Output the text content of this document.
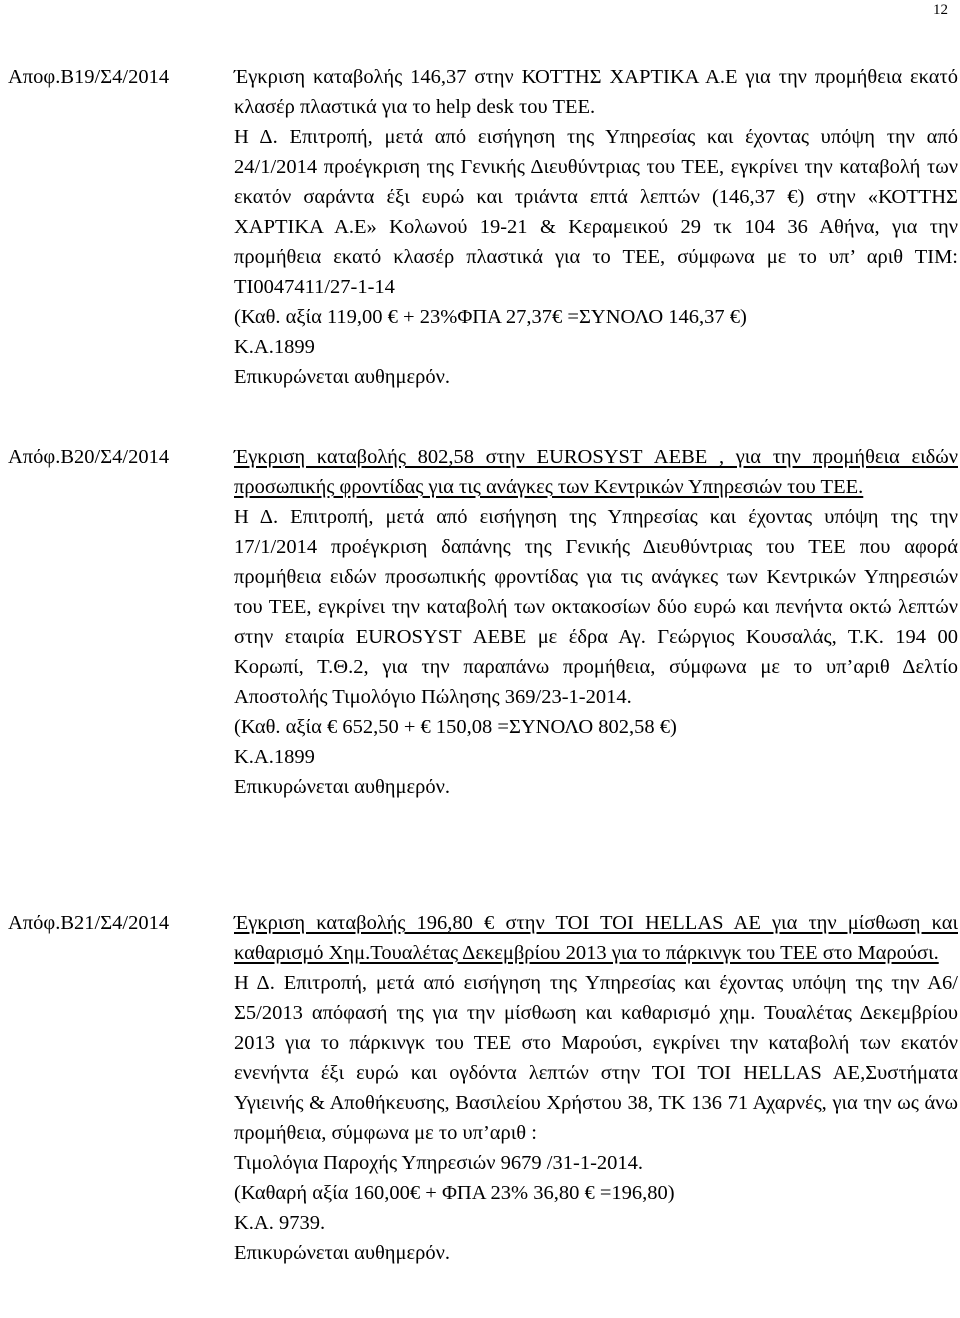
12
Αποφ.Β19/Σ4/2014	Έγκριση καταβολής 146,37 στην ΚΟΤΤΗΣ ΧΑΡΤΙΚΑ Α.Ε για την προμήθεια εκατό κλασέρ πλαστικά για το help desk του ΤΕΕ.

Η Δ. Επιτροπή, μετά από εισήγηση της Υπηρεσίας και έχοντας υπόψη την από 24/1/2014 προέγκριση της Γενικής Διευθύντριας του ΤΕΕ, εγκρίνει την καταβολή των εκατόν σαράντα έξι ευρώ και τριάντα επτά λεπτών (146,37 €) στην «ΚΟΤΤΗΣ ΧΑΡΤΙΚΑ Α.Ε» Κολωνού 19-21 & Κεραμεικού 29 τκ 104 36 Αθήνα, για την προμήθεια εκατό κλασέρ πλαστικά για το ΤΕΕ, σύμφωνα με το υπ’ αριθ ΤΙΜ: ΤΙ0047411/27-1-14

(Καθ. αξία 119,00 € + 23%ΦΠΑ 27,37€ =ΣΥΝΟΛΟ 146,37 €)

Κ.Α.1899

Επικυρώνεται αυθημερόν.

Απόφ.Β20/Σ4/2014	Έγκριση καταβολής 802,58 στην EUROSYST ΑΕΒΕ , για την προμήθεια ειδών προσωπικής φροντίδας για τις ανάγκες των Κεντρικών Υπηρεσιών του ΤΕΕ.

Η Δ. Επιτροπή, μετά από εισήγηση της Υπηρεσίας και έχοντας υπόψη της την 17/1/2014 προέγκριση δαπάνης της Γενικής Διευθύντριας του ΤΕΕ που αφορά προμήθεια ειδών προσωπικής φροντίδας για τις ανάγκες των Κεντρικών Υπηρεσιών του ΤΕΕ, εγκρίνει την καταβολή των οκτακοσίων δύο ευρώ και πενήντα οκτώ λεπτών στην εταιρία EUROSYST ΑΕΒΕ με έδρα Αγ. Γεώργιος Κουσαλάς, Τ.Κ. 194 00 Κορωπί, Τ.Θ.2, για την παραπάνω προμήθεια, σύμφωνα με το υπ’αριθ Δελτίο Αποστολής Τιμολόγιο Πώλησης 369/23-1-2014.

(Καθ. αξία € 652,50 + € 150,08 =ΣΥΝΟΛΟ 802,58 €)

Κ.Α.1899

Επικυρώνεται αυθημερόν.

Απόφ.Β21/Σ4/2014	Έγκριση καταβολής 196,80 € στην ΤΟΙ ΤΟΙ HELLAS AE για την μίσθωση και καθαρισμό Χημ.Τουαλέτας Δεκεμβρίου 2013 για το πάρκινγκ του ΤΕΕ στο Μαρούσι.

Η Δ. Επιτροπή, μετά από εισήγηση της Υπηρεσίας και έχοντας υπόψη της την Α6/Σ5/2013 απόφασή της για την μίσθωση και καθαρισμό χημ. Τουαλέτας Δεκεμβρίου 2013 για το πάρκινγκ του ΤΕΕ στο Μαρούσι, εγκρίνει την καταβολή των εκατόν ενενήντα έξι ευρώ και ογδόντα λεπτών στην ΤΟΙ ΤΟΙ HELLAS AE,Συστήματα Υγιεινής & Αποθήκευσης, Βασιλείου Χρήστου 38, ΤΚ 136 71 Αχαρνές, για την ως άνω προμήθεια, σύμφωνα με το υπ’αριθ :

Τιμολόγια Παροχής Υπηρεσιών 9679 /31-1-2014.

(Καθαρή αξία 160,00€ + ΦΠΑ 23% 36,80 € =196,80)

Κ.Α. 9739.

Επικυρώνεται αυθημερόν.
